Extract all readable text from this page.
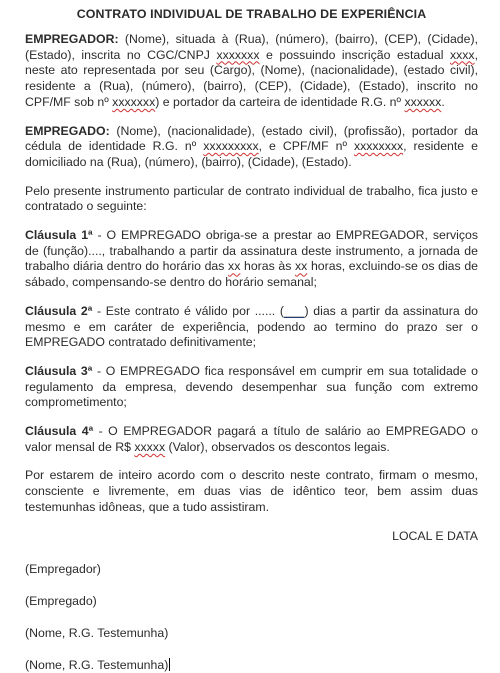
CONTRATO INDIVIDUAL DE TRABALHO DE EXPERIÊNCIA

EMPREGADOR: (Nome), situada à (Rua), (número), (bairro), (CEP), (Cidade), (Estado), inscrita no CGC/CNPJ xxxxxxx e possuindo inscrição estadual xxxx, neste ato representada por seu (Cargo), (Nome), (nacionalidade), (estado civil), residente a (Rua), (número), (bairro), (CEP), (Cidade), (Estado), inscrito no CPF/MF sob nº xxxxxxx) e portador da carteira de identidade R.G. nº xxxxxx.

EMPREGADO: (Nome), (nacionalidade), (estado civil), (profissão), portador da cédula de identidade R.G. nº xxxxxxxxx, e CPF/MF nº xxxxxxxx, residente e domiciliado na (Rua), (número), (bairro), (Cidade), (Estado).

Pelo presente instrumento particular de contrato individual de trabalho, fica justo e contratado o seguinte:

Cláusula 1ª - O EMPREGADO obriga-se a prestar ao EMPREGADOR, serviços de (função)...., trabalhando a partir da assinatura deste instrumento, a jornada de trabalho diária dentro do horário das xx horas às xx horas, excluindo-se os dias de sábado, compensando-se dentro do horário semanal;

Cláusula 2ª - Este contrato é válido por ...... (___) dias a partir da assinatura do mesmo e em caráter de experiência, podendo ao termino do prazo ser o EMPREGADO contratado definitivamente;

Cláusula 3ª - O EMPREGADO fica responsável em cumprir em sua totalidade o regulamento da empresa, devendo desempenhar sua função com extremo comprometimento;

Cláusula 4ª - O EMPREGADOR pagará a título de salário ao EMPREGADO o valor mensal de R$ xxxxx (Valor), observados os descontos legais.

Por estarem de inteiro acordo com o descrito neste contrato, firmam o mesmo, consciente e livremente, em duas vias de idêntico teor, bem assim duas testemunhas idôneas, que a tudo assistiram.

LOCAL E DATA

(Empregador)

(Empregado)

(Nome, R.G. Testemunha)

(Nome, R.G. Testemunha)
